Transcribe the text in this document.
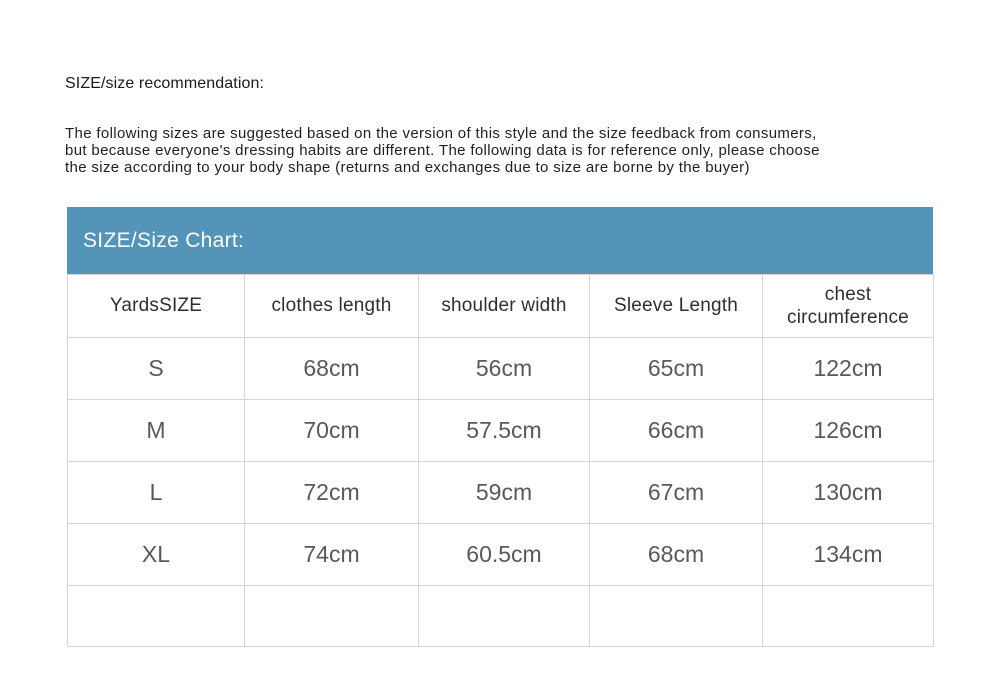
SIZE/size recommendation:
The following sizes are suggested based on the version of this style and the size feedback from consumers,
but because everyone's dressing habits are different. The following data is for reference only, please choose
the size according to your body shape (returns and exchanges due to size are borne by the buyer)
SIZE/Size Chart:
YardsSIZE	clothes length	shoulder width	Sleeve Length	chest circumference
S	68cm	56cm	65cm	122cm
M	70cm	57.5cm	66cm	126cm
L	72cm	59cm	67cm	130cm
XL	74cm	60.5cm	68cm	134cm
